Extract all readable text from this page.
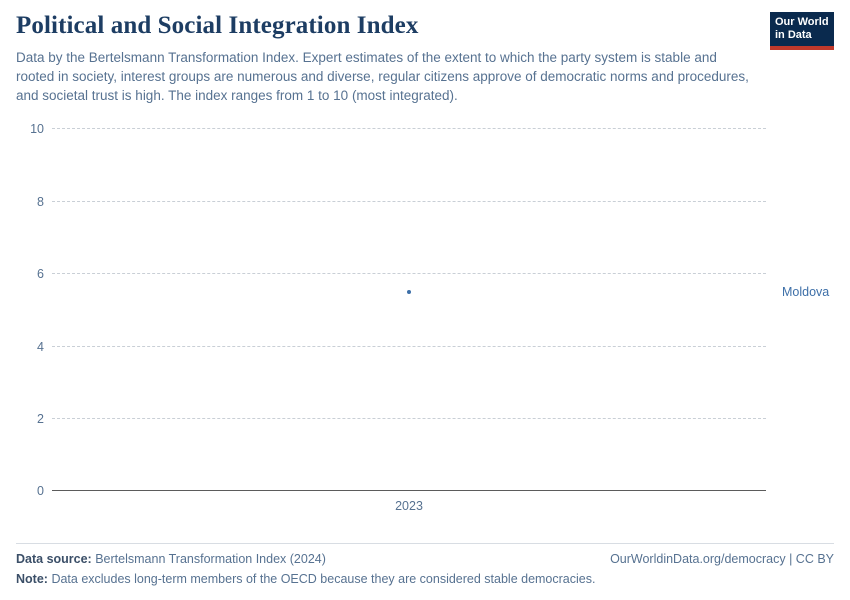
Political and Social Integration Index

Data by the Bertelsmann Transformation Index. Expert estimates of the extent to which the party system is stable and rooted in society, interest groups are numerous and diverse, regular citizens approve of democratic norms and procedures, and societal trust is high. The index ranges from 1 to 10 (most integrated).

Our World
in Data
0
2
4
6
8
10
2023
Moldova
Data source: Bertelsmann Transformation Index (2024)	OurWorldinData.org/democracy | CC BY
Note: Data excludes long-term members of the OECD because they are considered stable democracies.
